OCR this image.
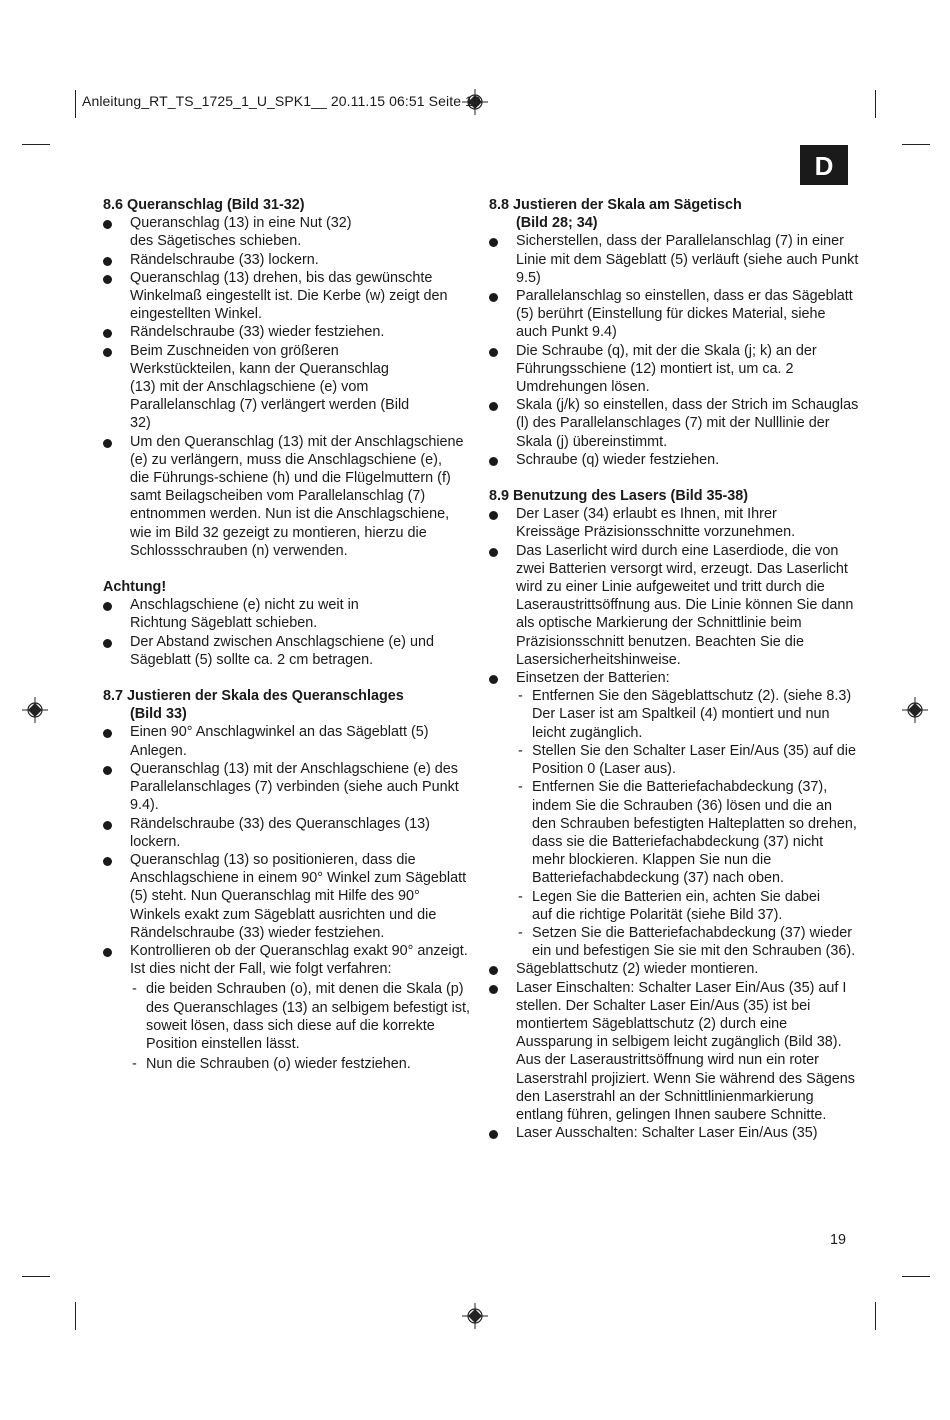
Anleitung_RT_TS_1725_1_U_SPK1__ 20.11.15 06:51 Seite 19
D
8.6 Queranschlag (Bild 31-32)
Queranschlag (13) in eine Nut (32) des Sägetisches schieben.
Rändelschraube (33) lockern.
Queranschlag (13) drehen, bis das gewünschte Winkelmaß eingestellt ist. Die Kerbe (w) zeigt den eingestellten Winkel.
Rändelschraube (33) wieder festziehen.
Beim Zuschneiden von größeren Werkstückteilen, kann der Queranschlag (13) mit der Anschlagschiene (e) vom Parallelanschlag (7) verlängert werden (Bild 32)
Um den Queranschlag (13) mit der Anschlagschiene (e) zu verlängern, muss die Anschlagschiene (e), die Führungs-schiene (h) und die Flügelmuttern (f) samt Beilagscheiben vom Parallelanschlag (7) entnommen werden. Nun ist die Anschlagschiene, wie im Bild 32 gezeigt zu montieren, hierzu die Schlossschrauben (n) verwenden.
Achtung!
Anschlagschiene (e) nicht zu weit in Richtung Sägeblatt schieben.
Der Abstand zwischen Anschlagschiene (e) und Sägeblatt (5) sollte ca. 2 cm betragen.
8.7 Justieren der Skala des Queranschlages
(Bild 33)
Einen 90° Anschlagwinkel an das Sägeblatt (5) Anlegen.
Queranschlag (13) mit der Anschlagschiene (e) des Parallelanschlages (7) verbinden (siehe auch Punkt 9.4).
Rändelschraube (33) des Queranschlages (13) lockern.
Queranschlag (13) so positionieren, dass die Anschlagschiene in einem 90° Winkel zum Sägeblatt (5) steht. Nun Queranschlag mit Hilfe des 90° Winkels exakt zum Sägeblatt ausrichten und die Rändelschraube (33) wieder festziehen.
Kontrollieren ob der Queranschlag exakt 90° anzeigt. Ist dies nicht der Fall, wie folgt verfahren:
- die beiden Schrauben (o), mit denen die Skala (p) des Queranschlages (13) an selbigem befestigt ist, soweit lösen, dass sich diese auf die korrekte Position einstellen lässt.
- Nun die Schrauben (o) wieder festziehen.
8.8 Justieren der Skala am Sägetisch
(Bild 28; 34)
Sicherstellen, dass der Parallelanschlag (7) in einer Linie mit dem Sägeblatt (5) verläuft (siehe auch Punkt 9.5)
Parallelanschlag so einstellen, dass er das Sägeblatt (5) berührt (Einstellung für dickes Material, siehe auch Punkt 9.4)
Die Schraube (q), mit der die Skala (j; k) an der Führungsschiene (12) montiert ist, um ca. 2 Umdrehungen lösen.
Skala (j/k) so einstellen, dass der Strich im Schauglas (l) des Parallelanschlages (7) mit der Nulllinie der Skala (j) übereinstimmt.
Schraube (q) wieder festziehen.
8.9 Benutzung des Lasers (Bild 35-38)
Der Laser (34) erlaubt es Ihnen, mit Ihrer Kreissäge Präzisionsschnitte vorzunehmen.
Das Laserlicht wird durch eine Laserdiode, die von zwei Batterien versorgt wird, erzeugt. Das Laserlicht wird zu einer Linie aufgeweitet und tritt durch die Laseraustrittsöffnung aus. Die Linie können Sie dann als optische Markierung der Schnittlinie beim Präzisionsschnitt benutzen. Beachten Sie die Lasersicherheitshinweise.
Einsetzen der Batterien:
- Entfernen Sie den Sägeblattschutz (2). (siehe 8.3) Der Laser ist am Spaltkeil (4) montiert und nun leicht zugänglich.
- Stellen Sie den Schalter Laser Ein/Aus (35) auf die Position 0 (Laser aus).
- Entfernen Sie die Batteriefachabdeckung (37), indem Sie die Schrauben (36) lösen und die an den Schrauben befestigten Halteplatten so drehen, dass sie die Batteriefachabdeckung (37) nicht mehr blockieren. Klappen Sie nun die Batteriefachabdeckung (37) nach oben.
- Legen Sie die Batterien ein, achten Sie dabei auf die richtige Polarität (siehe Bild 37).
- Setzen Sie die Batteriefachabdeckung (37) wieder ein und befestigen Sie sie mit den Schrauben (36).
Sägeblattschutz (2) wieder montieren.
Laser Einschalten: Schalter Laser Ein/Aus (35) auf I stellen. Der Schalter Laser Ein/Aus (35) ist bei montiertem Sägeblattschutz (2) durch eine Aussparung in selbigem leicht zugänglich (Bild 38). Aus der Laseraustrittsöffnung wird nun ein roter Laserstrahl projiziert. Wenn Sie während des Sägens den Laserstrahl an der Schnittlinienmarkierung entlang führen, gelingen Ihnen saubere Schnitte.
Laser Ausschalten: Schalter Laser Ein/Aus (35)
19
